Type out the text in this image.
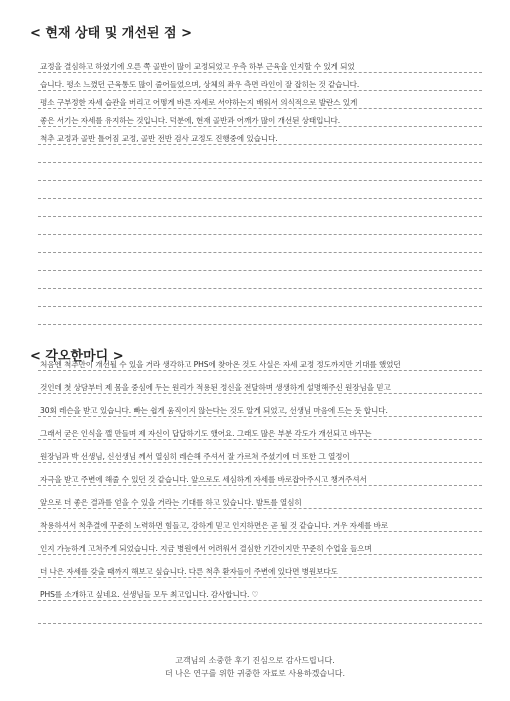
< 현재 상태 및 개선된 점 >
교정을 결심하고 하였기에 오른 쪽 골반이 많이 교정되었고 우측 하부 근육을 인지할 수 있게 되었
습니다. 평소 느꼈던 근육통도 많이 줄어들었으며, 상체의 좌우 측면 라인이 잘 잡히는 것 같습니다.
평소 구부정한 자세 습관을 버리고 어떻게 바른 자세로 서야하는지 배워서 의식적으로 발란스 있게
좋은 서기는 자세를 유지하는 것입니다. 덕분에, 현재 골반과 어깨가 많이 개선된 상태입니다.
척추 교정과 골반 틀어짐 교정, 골반 전반 검사 교정도 진행중에 있습니다.
< 각오한마디 >
처음엔 척추만이 개선될 수 있을 거라 생각하고 PHS에 찾아온 것도 사실은 자세 교정 정도까지만 기대를 했었던
것인데 첫 상담부터 제 몸을 중심에 두는 원리가 적용된 정신을 전달하며 생생하게 설명해주신 원장님을 믿고
30회 레슨을 받고 있습니다. 빠는 쉽게 움직이지 않는다는 것도 알게 되었고, 선생님 마음에 드는 듯 합니다.
그래서 굳은 인식을 깰 만들며 제 자신이 답답하기도 했어요. 그래도 많은 부분 각도가 개선되고 바꾸는
원장님과 박 선생님, 신선생님 께서 열심히 레슨해 주셔서 잘 가르쳐 주셨기에 더 또한 그 열정이
자극을 받고 주변에 해줄 수 있던 것 같습니다. 앞으로도 세심하게 자세를 바로잡아주시고 챙겨주셔서
앞으로 더 좋은 결과를 얻을 수 있을 거라는 기대를 하고 있습니다. 발트를 열심히
착용하셔서 척추결에 꾸준히 노력하면 힘들고, 강하게 믿고 인지하면은 곧 될 것 같습니다. 겨우 자세를 바로
인지 가능하게 고쳐주게 되었습니다. 지금 병원에서 어려워서 결심한 기간이지만 꾸준히 수업을 들으며
더 나은 자세를 갖출 때까지 해보고 싶습니다. 다른 척추 환자들이 주변에 있다면 병원보다도
PHS를 소개하고 싶네요. 선생님들 모두 최고입니다. 감사합니다. ♡
고객님의 소중한 후기 진심으로 감사드립니다.
더 나은 연구를 위한 귀중한 자료로 사용하겠습니다.
